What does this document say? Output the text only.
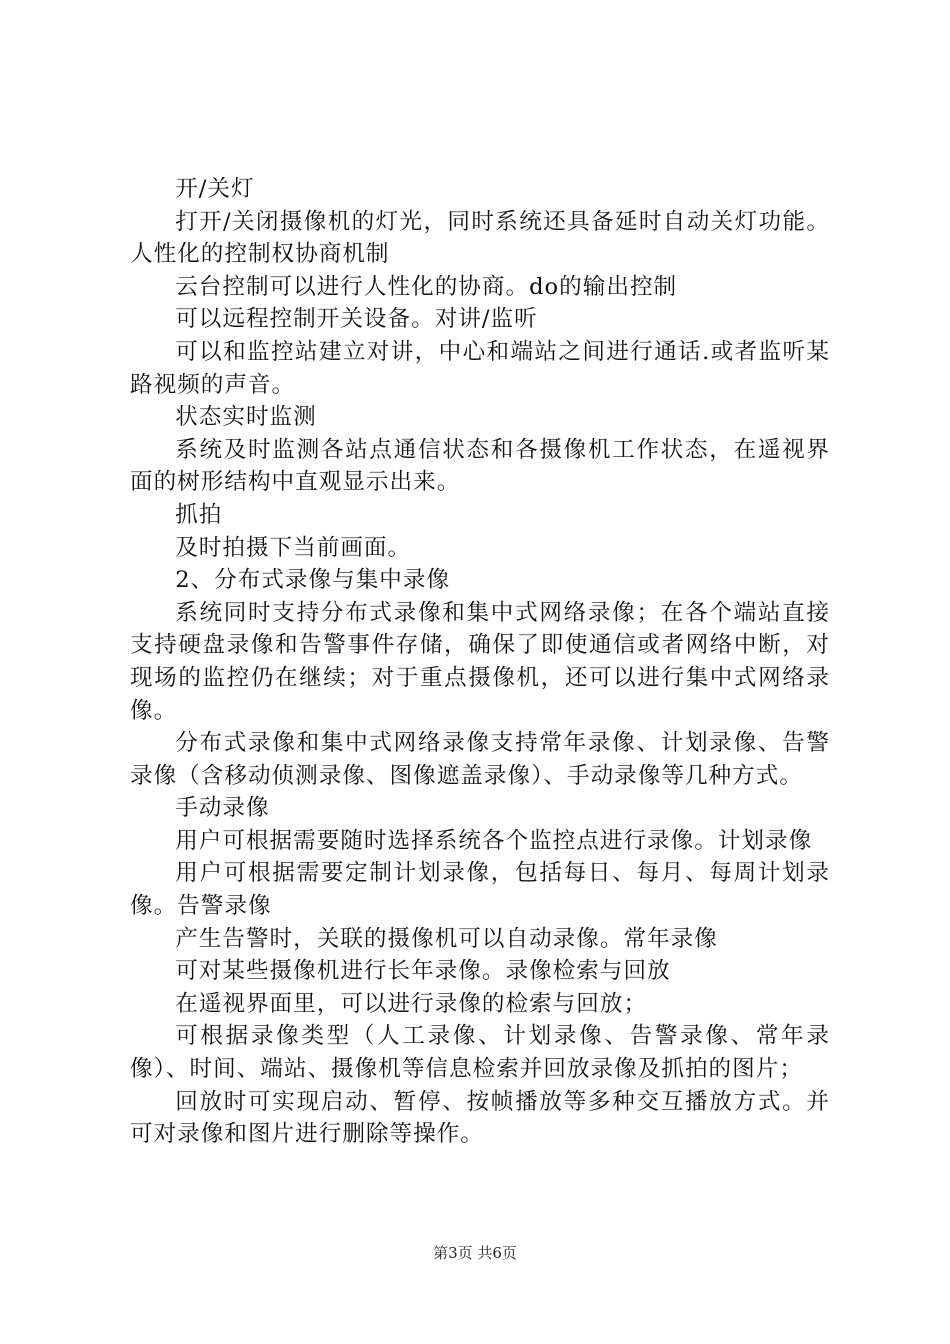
开/关灯

打开/关闭摄像机的灯光，同时系统还具备延时自动关灯功能。人性化的控制权协商机制

云台控制可以进行人性化的协商。do的输出控制

可以远程控制开关设备。对讲/监听

可以和监控站建立对讲，中心和端站之间进行通话.或者监听某路视频的声音。

状态实时监测

系统及时监测各站点通信状态和各摄像机工作状态，在遥视界面的树形结构中直观显示出来。

抓拍

及时拍摄下当前画面。

2、分布式录像与集中录像

系统同时支持分布式录像和集中式网络录像；在各个端站直接支持硬盘录像和告警事件存储，确保了即使通信或者网络中断，对现场的监控仍在继续；对于重点摄像机，还可以进行集中式网络录像。

分布式录像和集中式网络录像支持常年录像、计划录像、告警录像（含移动侦测录像、图像遮盖录像）、手动录像等几种方式。

手动录像

用户可根据需要随时选择系统各个监控点进行录像。计划录像

用户可根据需要定制计划录像，包括每日、每月、每周计划录像。告警录像

产生告警时，关联的摄像机可以自动录像。常年录像

可对某些摄像机进行长年录像。录像检索与回放

在遥视界面里，可以进行录像的检索与回放；

可根据录像类型（人工录像、计划录像、告警录像、常年录像）、时间、端站、摄像机等信息检索并回放录像及抓拍的图片；

回放时可实现启动、暂停、按帧播放等多种交互播放方式。并可对录像和图片进行删除等操作。

第3页 共6页
